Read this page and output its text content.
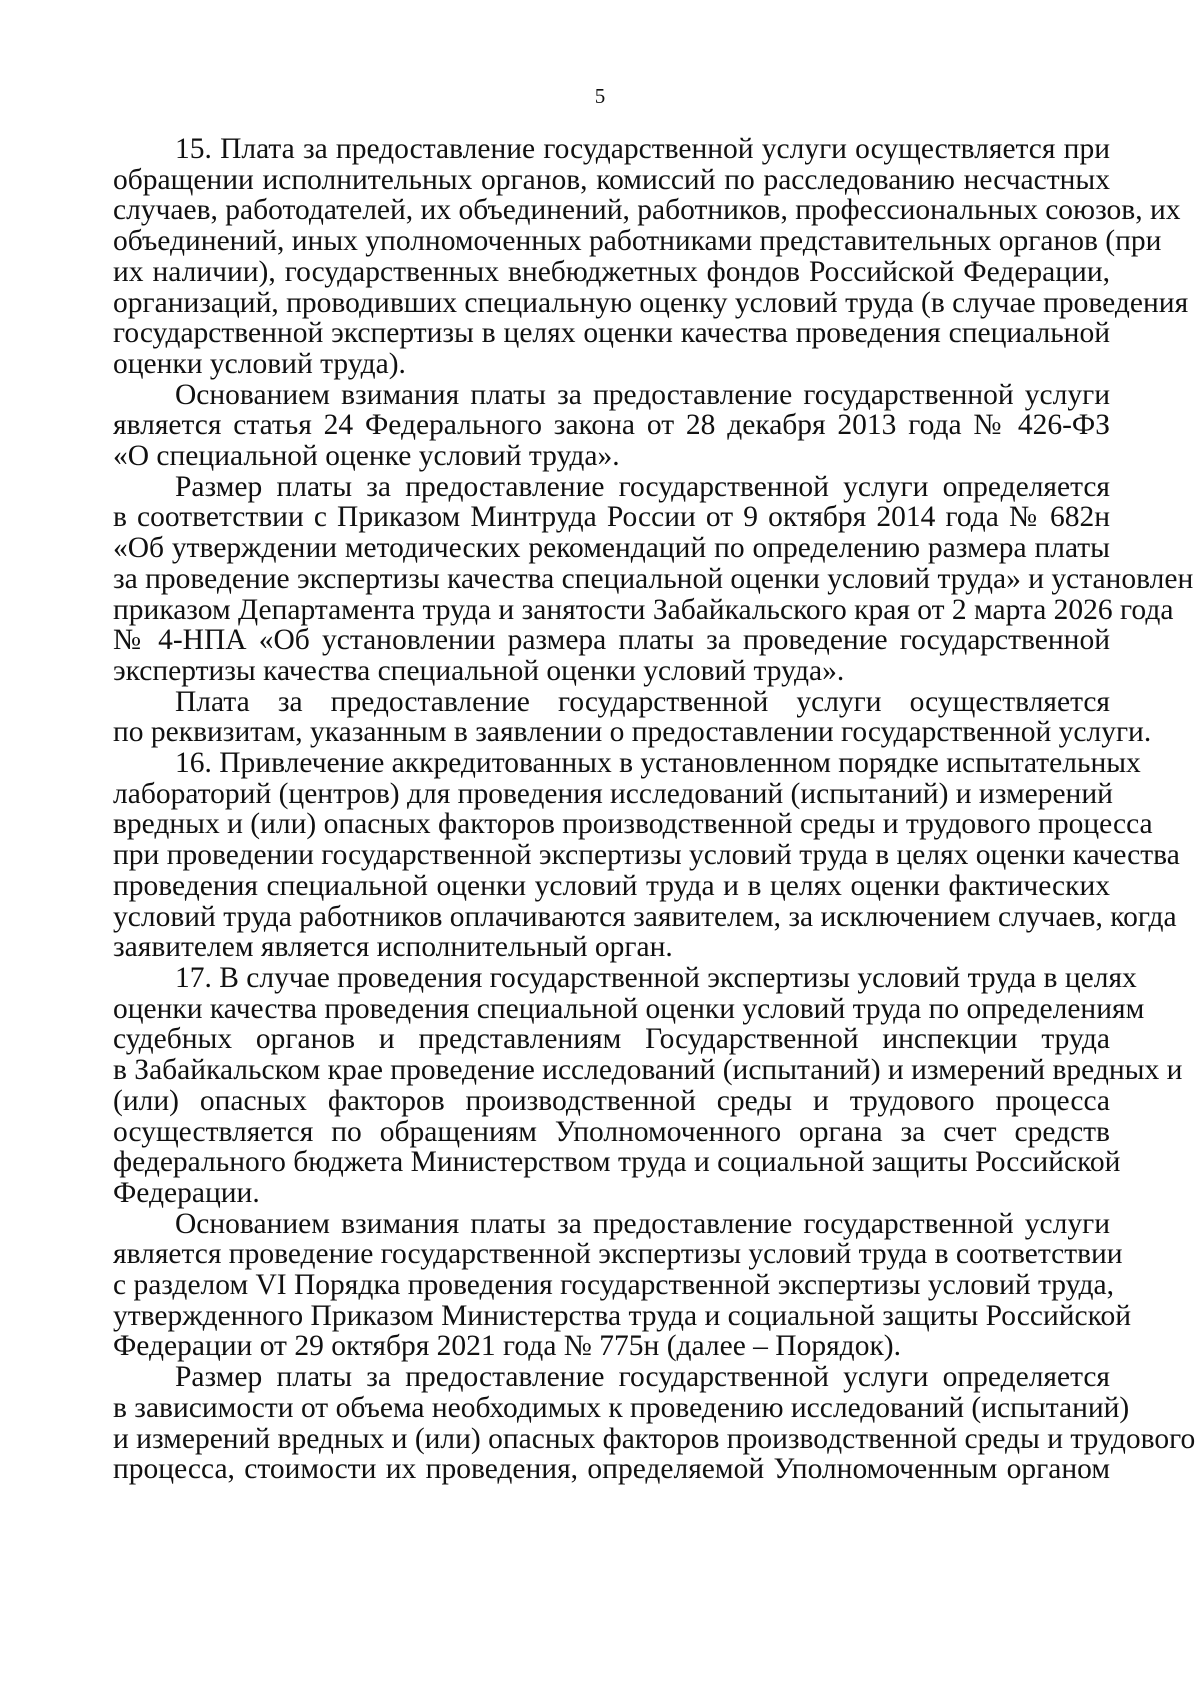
5

15. Плата за предоставление государственной услуги осуществляется при
обращении исполнительных органов, комиссий по расследованию несчастных
случаев, работодателей, их объединений, работников, профессиональных союзов, их
объединений, иных уполномоченных работниками представительных органов (при
их наличии), государственных внебюджетных фондов Российской Федерации,
организаций, проводивших специальную оценку условий труда (в случае проведения
государственной экспертизы в целях оценки качества проведения специальной
оценки условий труда).
Основанием взимания платы за предоставление государственной услуги
является статья 24 Федерального закона от 28 декабря 2013 года № 426-ФЗ
«О специальной оценке условий труда».
Размер платы за предоставление государственной услуги определяется
в соответствии с Приказом Минтруда России от 9 октября 2014 года № 682н
«Об утверждении методических рекомендаций по определению размера платы
за проведение экспертизы качества специальной оценки условий труда» и установлен
приказом Департамента труда и занятости Забайкальского края от 2 марта 2026 года
№ 4-НПА «Об установлении размера платы за проведение государственной
экспертизы качества специальной оценки условий труда».
Плата за предоставление государственной услуги осуществляется
по реквизитам, указанным в заявлении о предоставлении государственной услуги.
16. Привлечение аккредитованных в установленном порядке испытательных
лабораторий (центров) для проведения исследований (испытаний) и измерений
вредных и (или) опасных факторов производственной среды и трудового процесса
при проведении государственной экспертизы условий труда в целях оценки качества
проведения специальной оценки условий труда и в целях оценки фактических
условий труда работников оплачиваются заявителем, за исключением случаев, когда
заявителем является исполнительный орган.
17. В случае проведения государственной экспертизы условий труда в целях
оценки качества проведения специальной оценки условий труда по определениям
судебных органов и представлениям Государственной инспекции труда
в Забайкальском крае проведение исследований (испытаний) и измерений вредных и
(или) опасных факторов производственной среды и трудового процесса
осуществляется по обращениям Уполномоченного органа за счет средств
федерального бюджета Министерством труда и социальной защиты Российской
Федерации.
Основанием взимания платы за предоставление государственной услуги
является проведение государственной экспертизы условий труда в соответствии
с разделом VI Порядка проведения государственной экспертизы условий труда,
утвержденного Приказом Министерства труда и социальной защиты Российской
Федерации от 29 октября 2021 года № 775н (далее – Порядок).
Размер платы за предоставление государственной услуги определяется
в зависимости от объема необходимых к проведению исследований (испытаний)
и измерений вредных и (или) опасных факторов производственной среды и трудового
процесса, стоимости их проведения, определяемой Уполномоченным органом
